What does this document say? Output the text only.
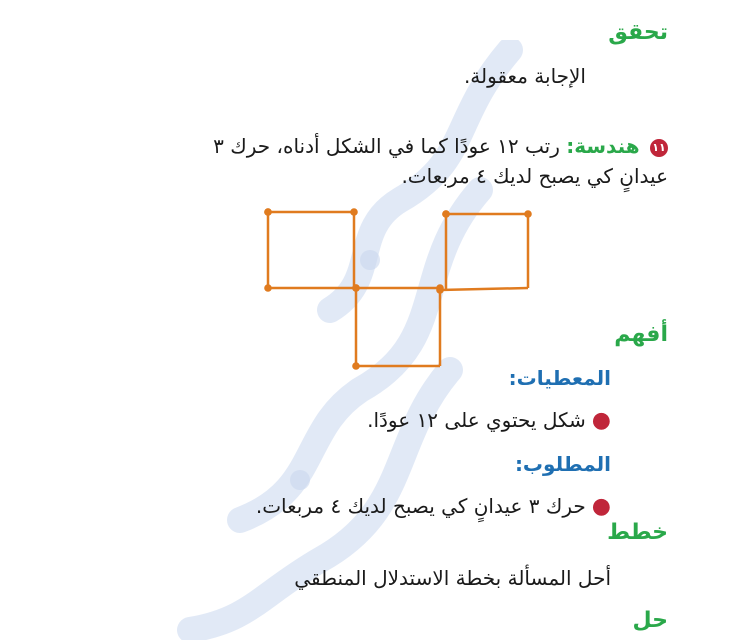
تحقق
الإجابة معقولة.
١١ هندسة: رتب ١٢ عودًا كما في الشكل أدناه، حرك ٣
عيدانٍ كي يصبح لديك ٤ مربعات.
أفهم
المعطيات:
●شكل يحتوي على ١٢ عودًا.
المطلوب:
●حرك ٣ عيدانٍ كي يصبح لديك ٤ مربعات.
خطط
أحل المسألة بخطة الاستدلال المنطقي
حل
